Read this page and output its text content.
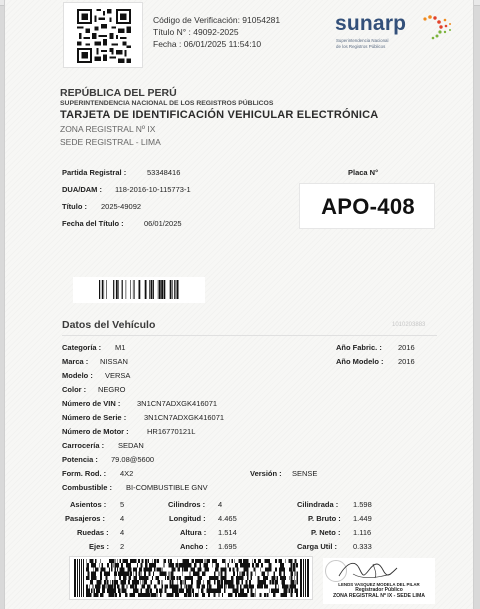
Código de Verificación: 91054281
Título N° : 49092-2025
Fecha : 06/01/2025 11:54:10
sunarp
Superintendencia Nacional
de los Registros Públicos
REPÚBLICA DEL PERÚ
SUPERINTENDENCIA NACIONAL DE LOS REGISTROS PÚBLICOS
TARJETA DE IDENTIFICACIÓN VEHICULAR ELECTRÓNICA
ZONA REGISTRAL Nº IX
SEDE REGISTRAL - LIMA
Partida Registral :	53348416
DUA/DAM : 118-2016-10-115773-1
Título : 2025-49092
Fecha del Título :	06/01/2025
Placa N°
APO-408
Datos del Vehículo	1010203883
Categoría : M1
Marca : NISSAN
Modelo : VERSA
Color : NEGRO
Número de VIN : 3N1CN7ADXGK416071
Número de Serie : 3N1CN7ADXGK416071
Número de Motor : HR16770121L
Carrocería : SEDAN
Potencia : 79.08@5600
Form. Rod. : 4X2
Combustible : BI-COMBUSTIBLE GNV
Año Fabric. : 2016
Año Modelo : 2016
Versión : SENSE
Asientos : 5
Pasajeros : 4
Ruedas : 4
Ejes : 2
Cilindros : 4
Longitud : 4.465
Altura : 1.514
Ancho : 1.695
Cilindrada : 1.598
P. Bruto : 1.449
P. Neto : 1.116
Carga Util : 0.333
LENDS VASQUEZ MODELA DEL PILAR
Registrador Público
ZONA REGISTRAL Nº IX - SEDE LIMA
